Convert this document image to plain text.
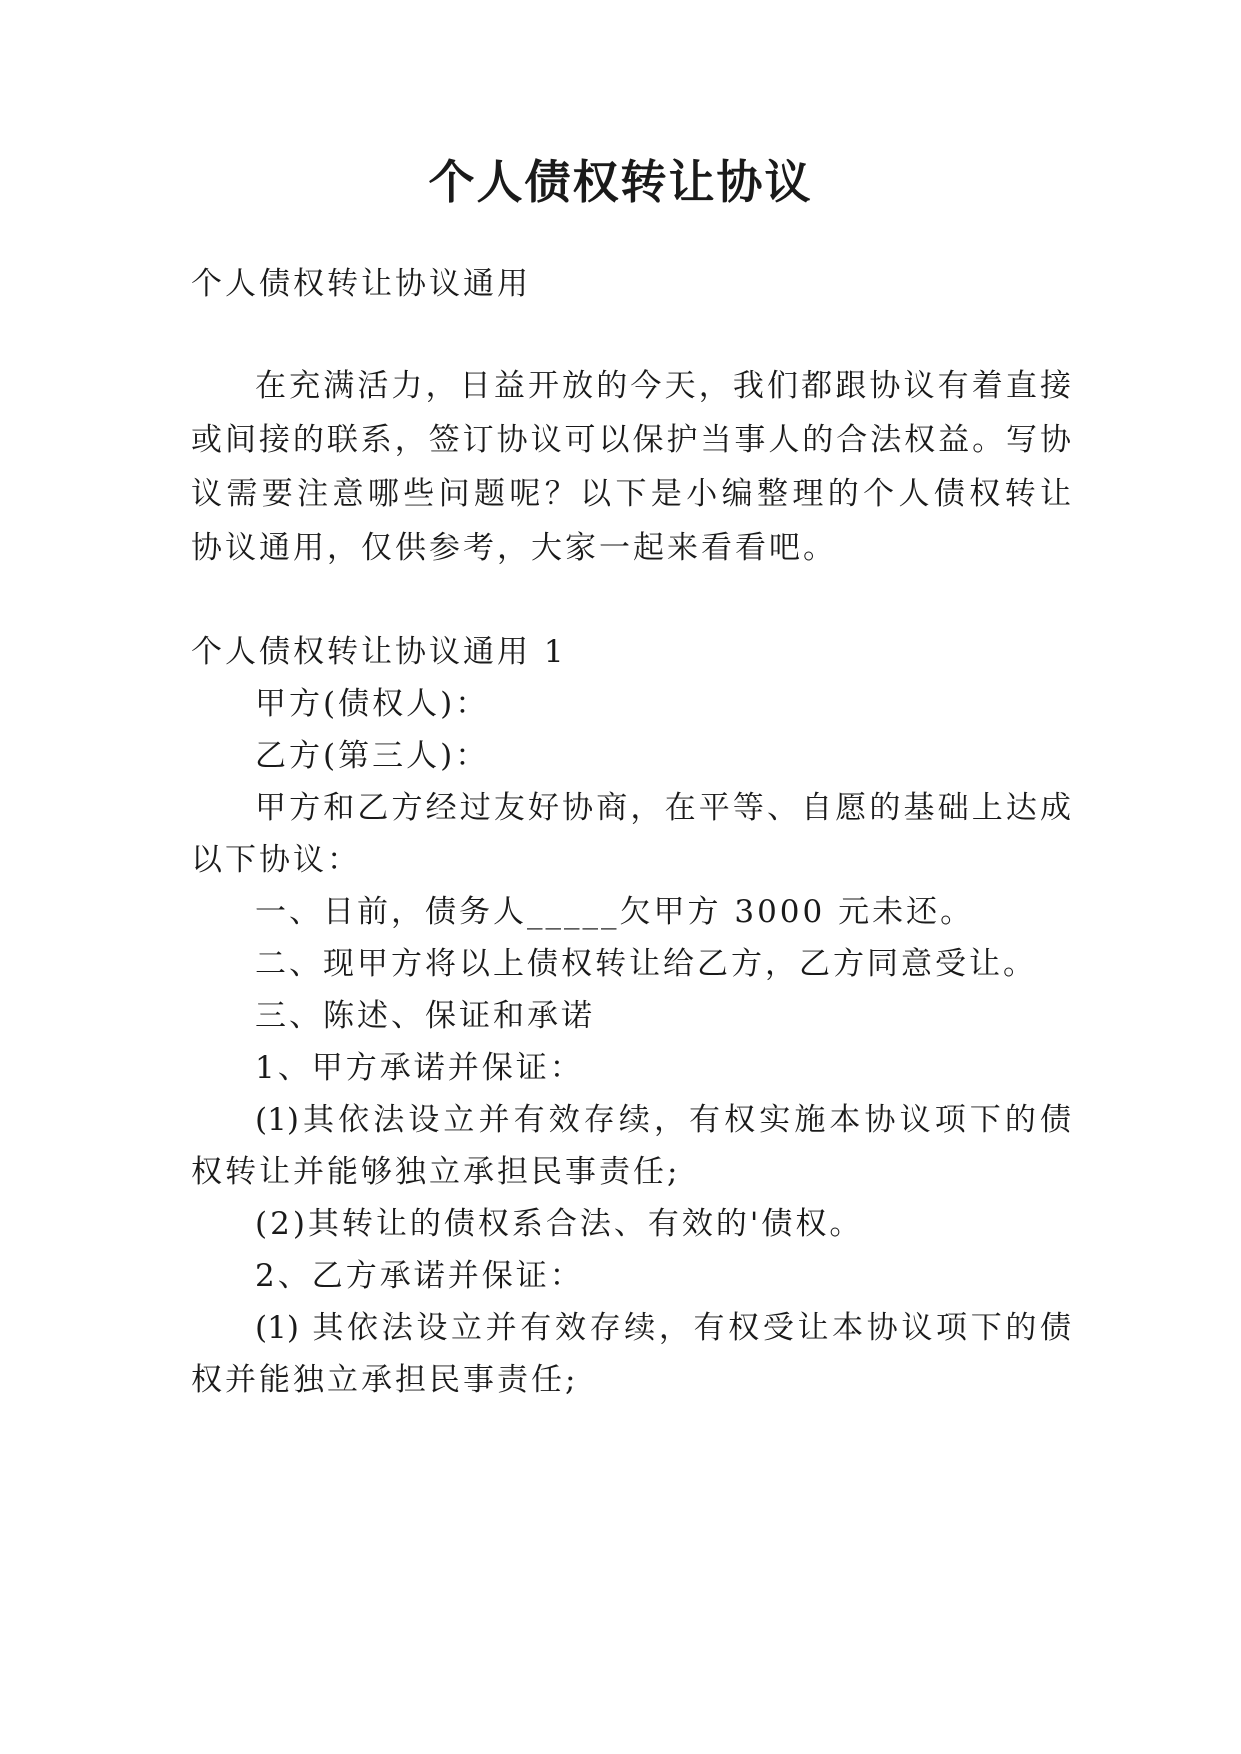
个人债权转让协议
个人债权转让协议通用
在充满活力，日益开放的今天，我们都跟协议有着直接
或间接的联系，签订协议可以保护当事人的合法权益。写协
议需要注意哪些问题呢？以下是小编整理的个人债权转让
协议通用，仅供参考，大家一起来看看吧。
个人债权转让协议通用 1
甲方(债权人)：
乙方(第三人)：
甲方和乙方经过友好协商，在平等、自愿的基础上达成
以下协议：
一、日前，债务人_____欠甲方 3000 元未还。
二、现甲方将以上债权转让给乙方，乙方同意受让。
三、陈述、保证和承诺
1、甲方承诺并保证：
(1)其依法设立并有效存续，有权实施本协议项下的债
权转让并能够独立承担民事责任;
(2)其转让的债权系合法、有效的'债权。
2、乙方承诺并保证：
(1) 其依法设立并有效存续，有权受让本协议项下的债
权并能独立承担民事责任;
